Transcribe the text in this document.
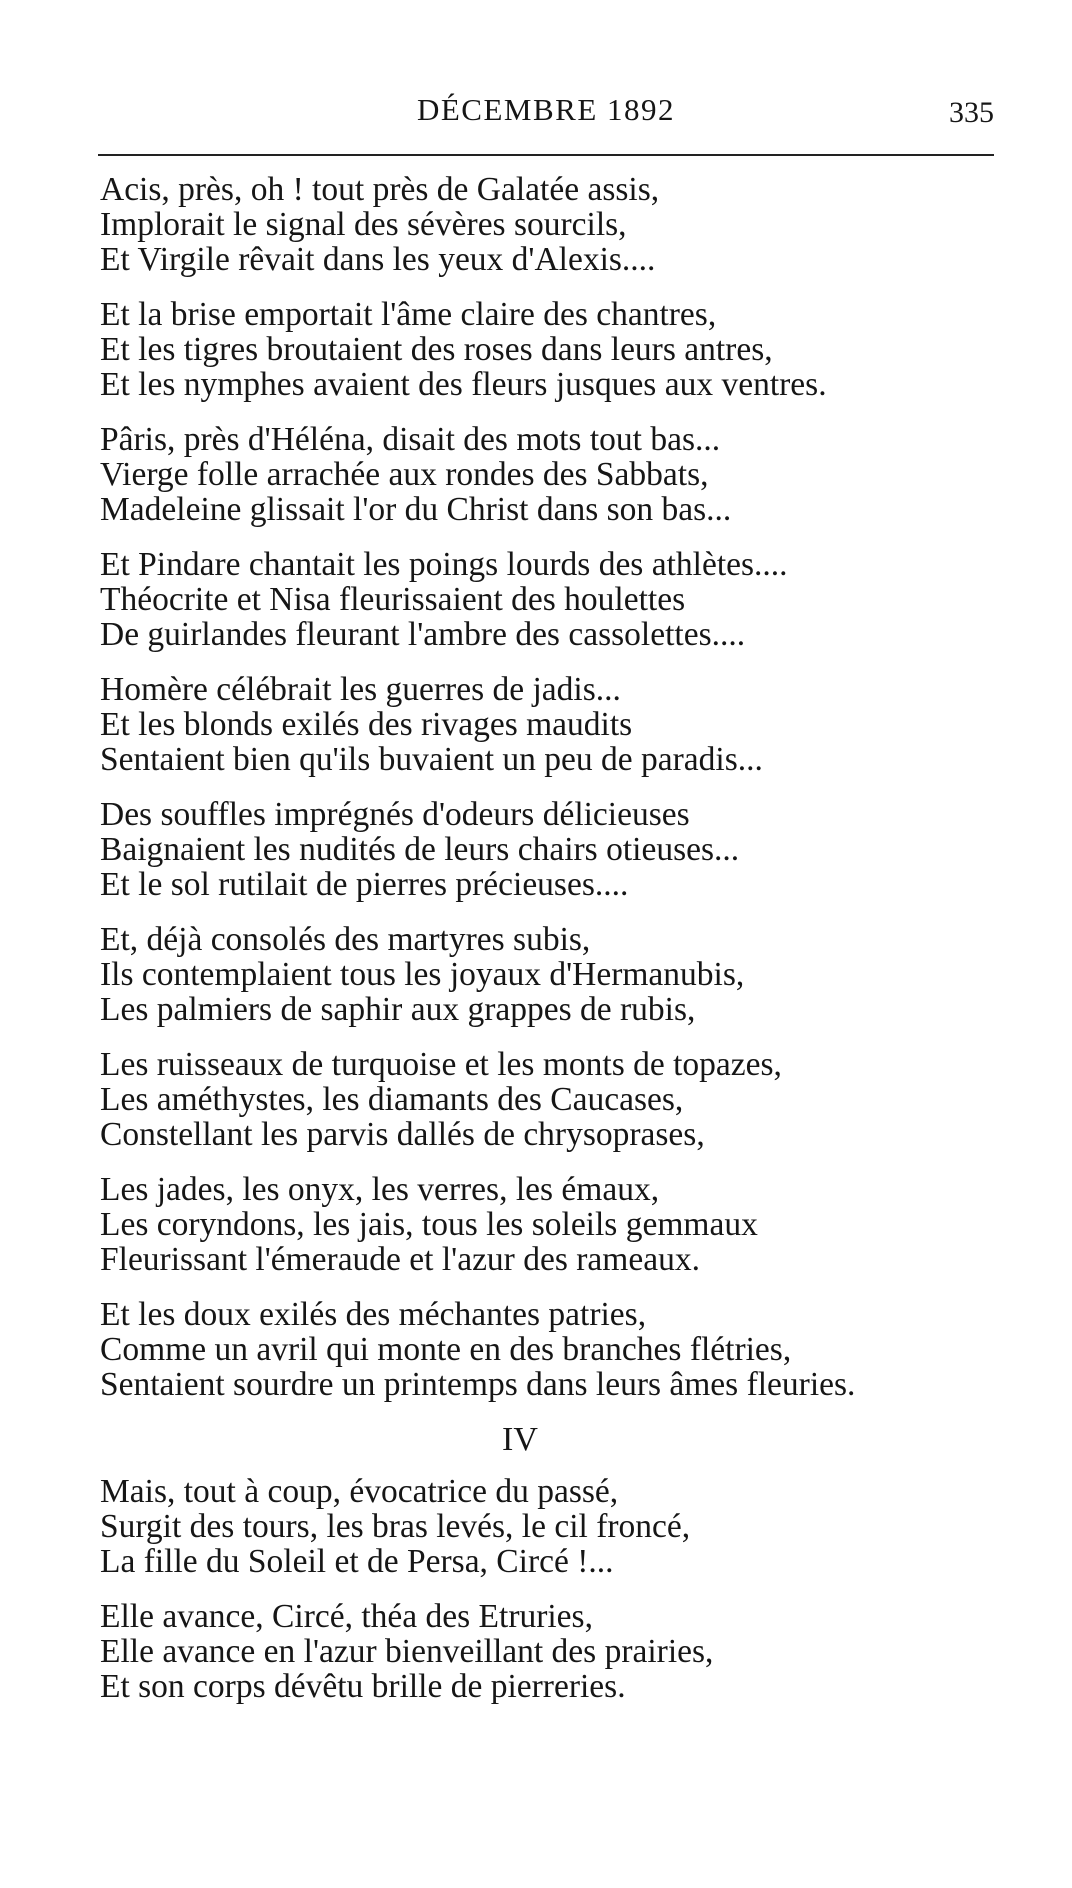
DÉCEMBRE 1892	335
Acis, près, oh ! tout près de Galatée assis,
Implorait le signal des sévères sourcils,
Et Virgile rêvait dans les yeux d'Alexis....
Et la brise emportait l'âme claire des chantres,
Et les tigres broutaient des roses dans leurs antres,
Et les nymphes avaient des fleurs jusques aux ventres.
Pâris, près d'Héléna, disait des mots tout bas...
Vierge folle arrachée aux rondes des Sabbats,
Madeleine glissait l'or du Christ dans son bas...
Et Pindare chantait les poings lourds des athlètes....
Théocrite et Nisa fleurissaient des houlettes
De guirlandes fleurant l'ambre des cassolettes....
Homère célébrait les guerres de jadis...
Et les blonds exilés des rivages maudits
Sentaient bien qu'ils buvaient un peu de paradis...
Des souffles imprégnés d'odeurs délicieuses
Baignaient les nudités de leurs chairs otieuses...
Et le sol rutilait de pierres précieuses....
Et, déjà consolés des martyres subis,
Ils contemplaient tous les joyaux d'Hermanubis,
Les palmiers de saphir aux grappes de rubis,
Les ruisseaux de turquoise et les monts de topazes,
Les améthystes, les diamants des Caucases,
Constellant les parvis dallés de chrysoprases,
Les jades, les onyx, les verres, les émaux,
Les coryndons, les jais, tous les soleils gemmaux
Fleurissant l'émeraude et l'azur des rameaux.
Et les doux exilés des méchantes patries,
Comme un avril qui monte en des branches flétries,
Sentaient sourdre un printemps dans leurs âmes fleuries.
IV
Mais, tout à coup, évocatrice du passé,
Surgit des tours, les bras levés, le cil froncé,
La fille du Soleil et de Persa, Circé !...
Elle avance, Circé, théa des Etruries,
Elle avance en l'azur bienveillant des prairies,
Et son corps dévêtu brille de pierreries.
